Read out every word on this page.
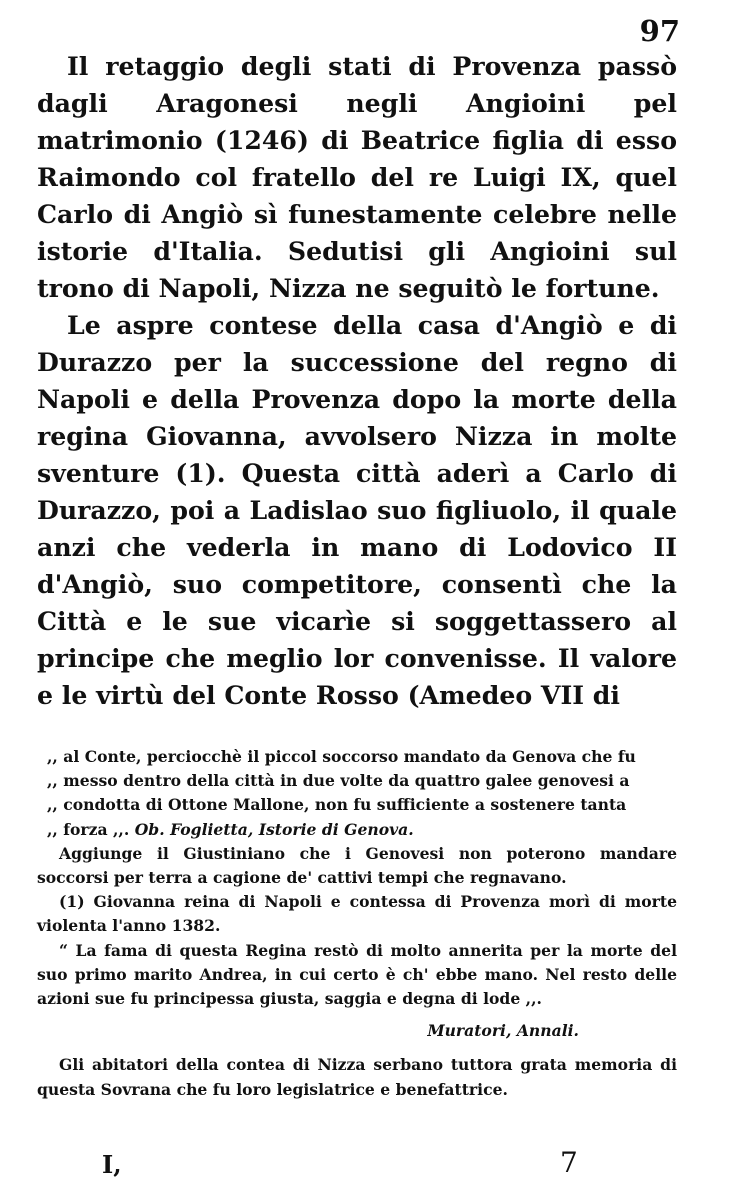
97

Il retaggio degli stati di Provenza passò dagli Aragonesi negli Angioini pel matrimonio (1246) di Beatrice figlia di esso Raimondo col fratello del re Luigi IX, quel Carlo di Angiò sì funestamente celebre nelle istorie d'Italia. Sedutisi gli Angioini sul trono di Napoli, Nizza ne seguitò le fortune.

Le aspre contese della casa d'Angiò e di Durazzo per la successione del regno di Napoli e della Provenza dopo la morte della regina Giovanna, avvolsero Nizza in molte sventure (1). Questa città aderì a Carlo di Durazzo, poi a Ladislao suo figliuolo, il quale anzi che vederla in mano di Lodovico II d'Angiò, suo competitore, consentì che la Città e le sue vicarìe si soggettassero al principe che meglio lor convenisse. Il valore e le virtù del Conte Rosso (Amedeo VII di

,, al Conte, perciocchè il piccol soccorso mandato da Genova che fu

,, messo dentro della città in due volte da quattro galee genovesi a

,, condotta di Ottone Mallone, non fu sufficiente a sostenere tanta

,, forza ,,. Ob. Foglietta, Istorie di Genova.

Aggiunge il Giustiniano che i Genovesi non poterono mandare soccorsi per terra a cagione de' cattivi tempi che regnavano.

(1) Giovanna reina di Napoli e contessa di Provenza morì di morte violenta l'anno 1382.

“ La fama di questa Regina restò di molto annerita per la morte del suo primo marito Andrea, in cui certo è ch' ebbe mano. Nel resto delle azioni sue fu principessa giusta, saggia e degna di lode ,,.

Muratori, Annali.

Gli abitatori della contea di Nizza serbano tuttora grata memoria di questa Sovrana che fu loro legislatrice e benefattrice.

I,	7
